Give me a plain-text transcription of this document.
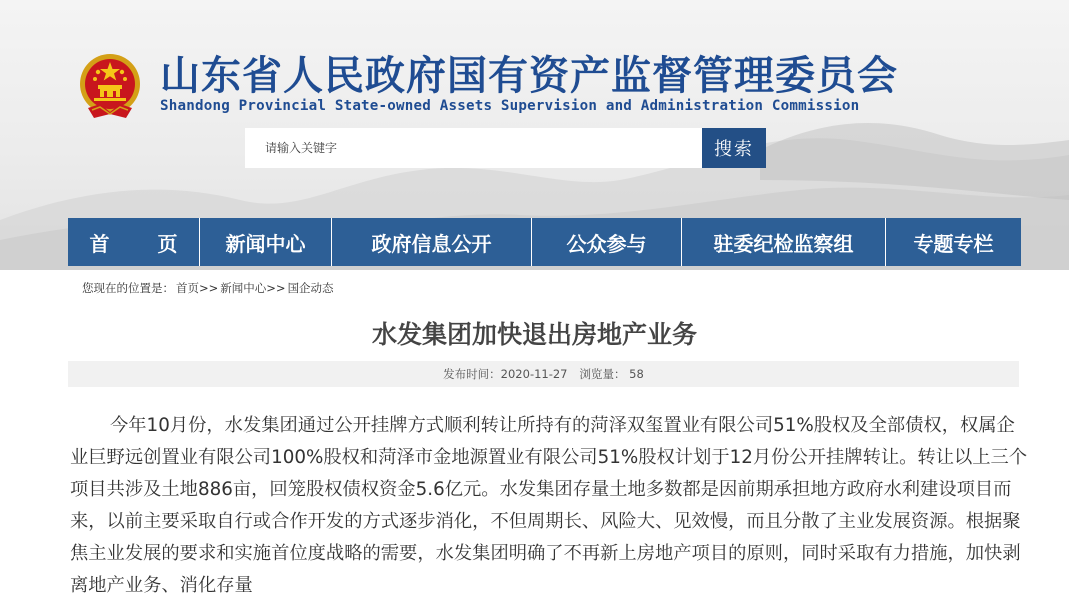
山东省人民政府国有资产监督管理委员会
Shandong Provincial State-owned Assets Supervision and Administration Commission
请输入关键字
搜索
首页 新闻中心	政府信息公开	公众参与	驻委纪检监察组	专题专栏
您现在的位置是： 首页>> 新闻中心>> 国企动态
水发集团加快退出房地产业务
发布时间：2020-11-27 浏览量：
58
今年10月份，水发集团通过公开挂牌方式顺利转让所持有的菏泽双玺置业有限公司51%股权及全部债权，权属企业巨野远创置业有限公司100%股权和菏泽市金地源置业有限公司51%股权计划于12月份公开挂牌转让。转让以上三个项目共涉及土地886亩，回笼股权债权资金5.6亿元。水发集团存量土地多数都是因前期承担地方政府水利建设项目而来，以前主要采取自行或合作开发的方式逐步消化，不但周期长、风险大、见效慢，而且分散了主业发展资源。根据聚焦主业发展的要求和实施首位度战略的需要，水发集团明确了不再新上房地产项目的原则，同时采取有力措施，加快剥离地产业务、消化存量
